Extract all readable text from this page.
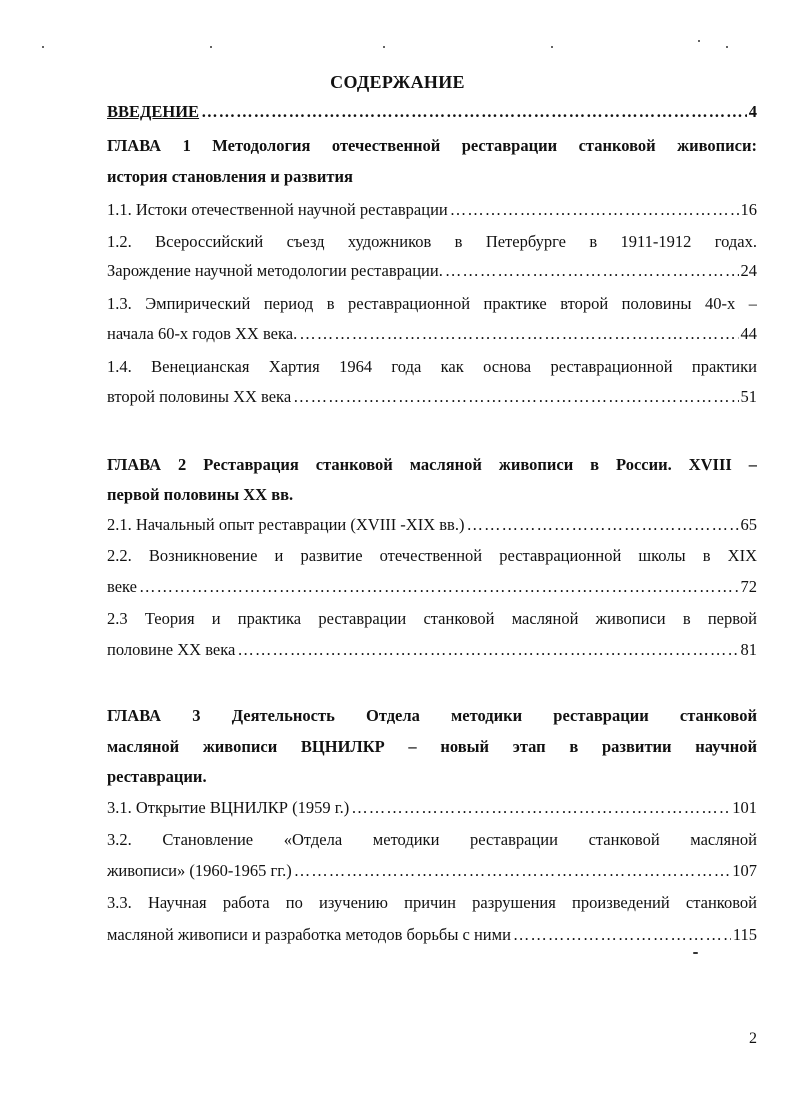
СОДЕРЖАНИЕ
ВВЕДЕНИЕ …………………………………………………………………………………………………………………………………………………………………………………	4
ГЛАВА 1 Методология отечественной реставрации станковой живописи:
история становления и развития
1.1. Истоки отечественной научной реставрации …………………………………………………………………………………………………………………………………………………………………………………	16
1.2. Всероссийский съезд художников в Петербурге в 1911-1912 годах.
Зарождение научной методологии реставрации. …………………………………………………………………………………………………………………………………………………………………………………	24
1.3. Эмпирический период в реставрационной практике второй половины 40-х –
начала 60-х годов XX века. …………………………………………………………………………………………………………………………………………………………………………………	44
1.4. Венецианская Хартия 1964 года как основа реставрационной практики
второй половины XX века …………………………………………………………………………………………………………………………………………………………………………………	51
ГЛАВА 2 Реставрация станковой масляной живописи в России. XVIII –
первой половины XX вв.
2.1. Начальный опыт реставрации (XVIII -XIX вв.) …………………………………………………………………………………………………………………………………………………………………………………	65
2.2. Возникновение и развитие отечественной реставрационной школы в XIX
веке …………………………………………………………………………………………………………………………………………………………………………………	72
2.3 Теория и практика реставрации станковой масляной живописи в первой
половине XX века …………………………………………………………………………………………………………………………………………………………………………………	81
ГЛАВА 3 Деятельность Отдела методики реставрации станковой
масляной живописи ВЦНИЛКР – новый этап в развитии научной
реставрации.
3.1. Открытие ВЦНИЛКР (1959 г.) …………………………………………………………………………………………………………………………………………………………………………………	101
3.2. Становление «Отдела методики реставрации станковой масляной
живописи» (1960-1965 гг.) …………………………………………………………………………………………………………………………………………………………………………………	107
3.3. Научная работа по изучению причин разрушения произведений станковой
масляной живописи и разработка методов борьбы с ними …………………………………………………………………………………………………………………………………………………………………………………	115
2
